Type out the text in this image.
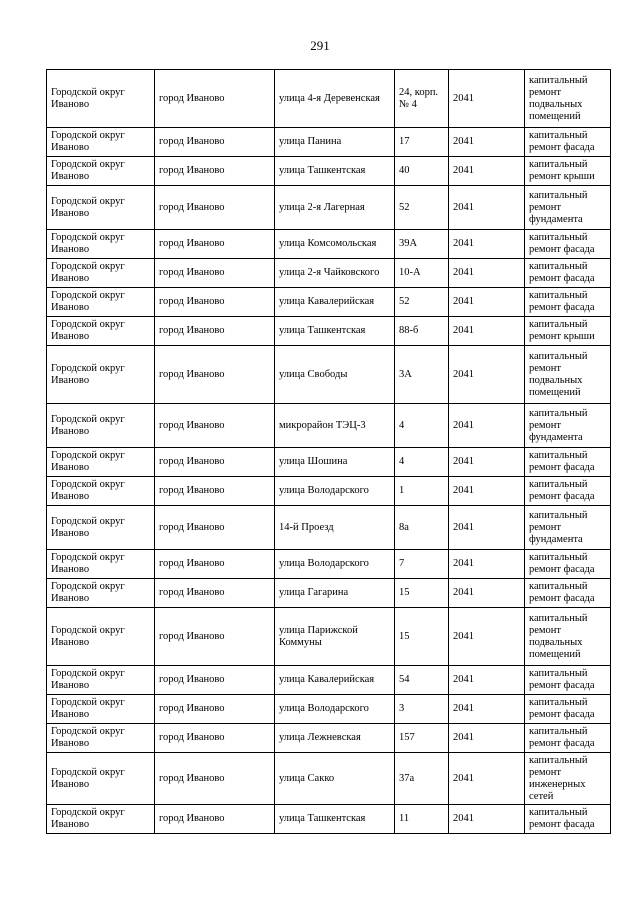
291
Городской округ Иваново	город Иваново	улица 4-я Деревенская	24, корп. № 4	2041	капитальный ремонт подвальных помещений
Городской округ Иваново	город Иваново	улица Панина	17	2041	капитальный ремонт фасада
Городской округ Иваново	город Иваново	улица Ташкентская	40	2041	капитальный ремонт крыши
Городской округ Иваново	город Иваново	улица 2-я Лагерная	52	2041	капитальный ремонт фундамента
Городской округ Иваново	город Иваново	улица Комсомольская	39А	2041	капитальный ремонт фасада
Городской округ Иваново	город Иваново	улица 2-я Чайковского	10-А	2041	капитальный ремонт фасада
Городской округ Иваново	город Иваново	улица Кавалерийская	52	2041	капитальный ремонт фасада
Городской округ Иваново	город Иваново	улица Ташкентская	88-б	2041	капитальный ремонт крыши
Городской округ Иваново	город Иваново	улица Свободы	3А	2041	капитальный ремонт подвальных помещений
Городской округ Иваново	город Иваново	микрорайон ТЭЦ-3	4	2041	капитальный ремонт фундамента
Городской округ Иваново	город Иваново	улица Шошина	4	2041	капитальный ремонт фасада
Городской округ Иваново	город Иваново	улица Володарского	1	2041	капитальный ремонт фасада
Городской округ Иваново	город Иваново	14-й Проезд	8а	2041	капитальный ремонт фундамента
Городской округ Иваново	город Иваново	улица Володарского	7	2041	капитальный ремонт фасада
Городской округ Иваново	город Иваново	улица Гагарина	15	2041	капитальный ремонт фасада
Городской округ Иваново	город Иваново	улица Парижской Коммуны	15	2041	капитальный ремонт подвальных помещений
Городской округ Иваново	город Иваново	улица Кавалерийская	54	2041	капитальный ремонт фасада
Городской округ Иваново	город Иваново	улица Володарского	3	2041	капитальный ремонт фасада
Городской округ Иваново	город Иваново	улица Лежневская	157	2041	капитальный ремонт фасада
Городской округ Иваново	город Иваново	улица Сакко	37а	2041	капитальный ремонт инженерных сетей
Городской округ Иваново	город Иваново	улица Ташкентская	11	2041	капитальный ремонт фасада
